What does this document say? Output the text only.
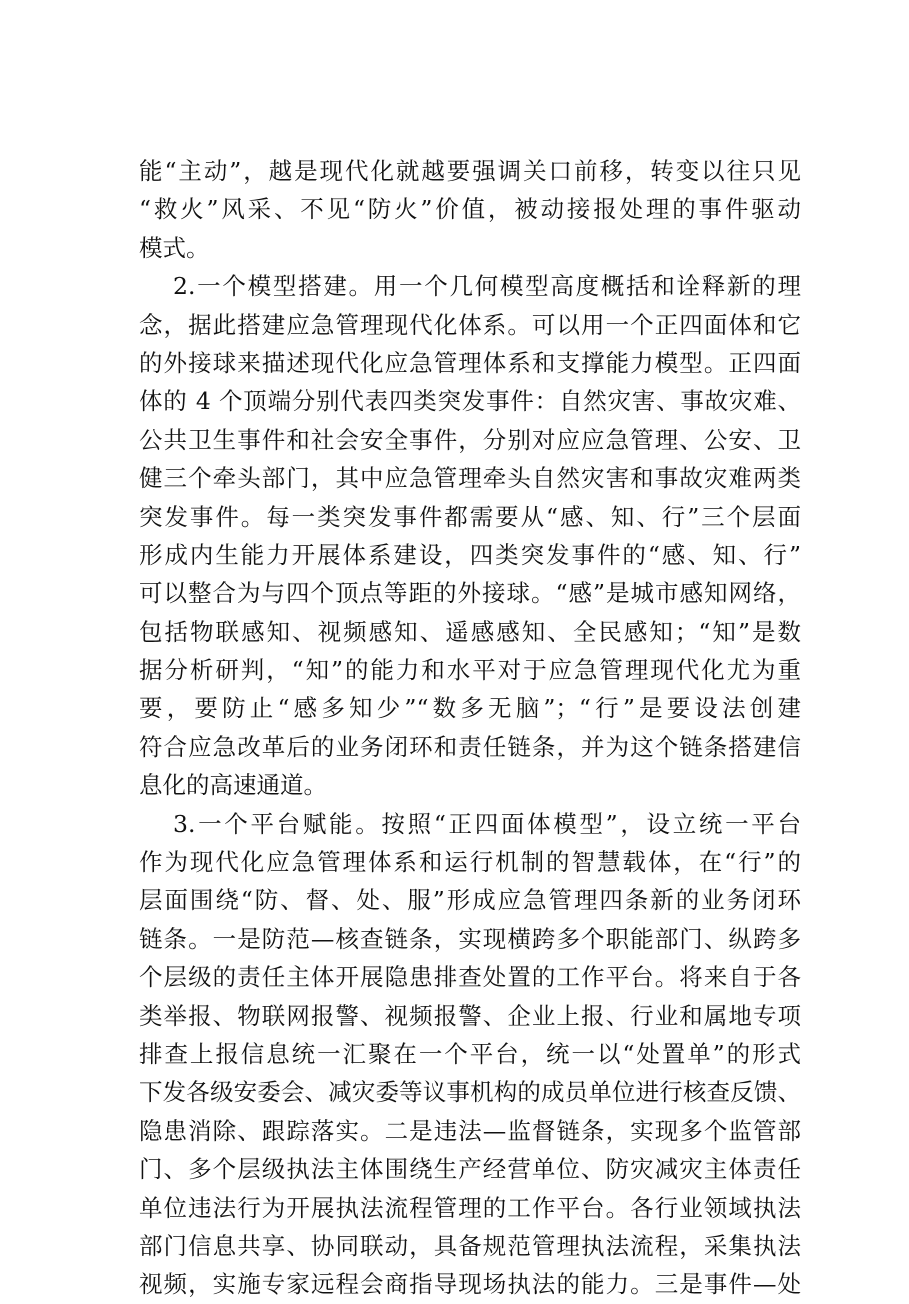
能“主动”，越是现代化就越要强调关口前移，转变以往只见
“救火”风采、不见“防火”价值，被动接报处理的事件驱动
模式。
2.一个模型搭建。用一个几何模型高度概括和诠释新的理
念，据此搭建应急管理现代化体系。可以用一个正四面体和它
的外接球来描述现代化应急管理体系和支撑能力模型。正四面
体的 4 个顶端分别代表四类突发事件：自然灾害、事故灾难、
公共卫生事件和社会安全事件，分别对应应急管理、公安、卫
健三个牵头部门，其中应急管理牵头自然灾害和事故灾难两类
突发事件。每一类突发事件都需要从“感、知、行”三个层面
形成内生能力开展体系建设，四类突发事件的“感、知、行”
可以整合为与四个顶点等距的外接球。“感”是城市感知网络，
包括物联感知、视频感知、遥感感知、全民感知；“知”是数
据分析研判，“知”的能力和水平对于应急管理现代化尤为重
要，要防止“感多知少”“数多无脑”；“行”是要设法创建
符合应急改革后的业务闭环和责任链条，并为这个链条搭建信
息化的高速通道。
3.一个平台赋能。按照“正四面体模型”，设立统一平台
作为现代化应急管理体系和运行机制的智慧载体，在“行”的
层面围绕“防、督、处、服”形成应急管理四条新的业务闭环
链条。一是防范—核查链条，实现横跨多个职能部门、纵跨多
个层级的责任主体开展隐患排查处置的工作平台。将来自于各
类举报、物联网报警、视频报警、企业上报、行业和属地专项
排查上报信息统一汇聚在一个平台，统一以“处置单”的形式
下发各级安委会、减灾委等议事机构的成员单位进行核查反馈、
隐患消除、跟踪落实。二是违法—监督链条，实现多个监管部
门、多个层级执法主体围绕生产经营单位、防灾减灾主体责任
单位违法行为开展执法流程管理的工作平台。各行业领域执法
部门信息共享、协同联动，具备规范管理执法流程，采集执法
视频，实施专家远程会商指导现场执法的能力。三是事件—处
